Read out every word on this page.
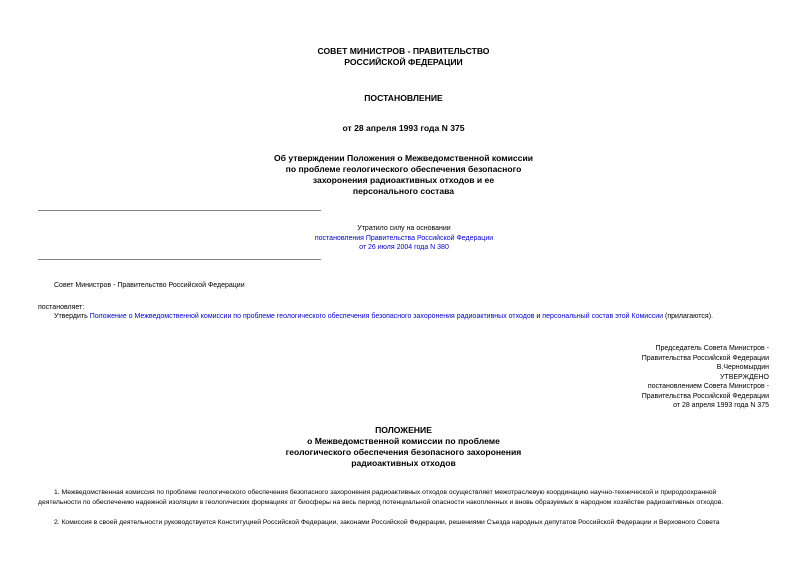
СОВЕТ МИНИСТРОВ - ПРАВИТЕЛЬСТВО
РОССИЙСКОЙ ФЕДЕРАЦИИ
ПОСТАНОВЛЕНИЕ
от 28 апреля 1993 года N 375
Об утверждении Положения о Межведомственной комиссии
по проблеме геологического обеспечения безопасного
захоронения радиоактивных отходов и ее
персонального состава
Утратило силу на основании
постановления Правительства Российской Федерации
от 26 июля 2004 года N 380
Совет Министров - Правительство Российской Федерации
постановляет:
Утвердить Положение о Межведомственной комиссии по проблеме геологического обеспечения безопасного захоронения радиоактивных отходов и персональный состав этой Комиссии (прилагаются).
Председатель Совета Министров -
Правительства Российской Федерации
В.Черномырдин
УТВЕРЖДЕНО
постановлением Совета Министров -
Правительства Российской Федерации
от 28 апреля 1993 года N 375
ПОЛОЖЕНИЕ
о Межведомственной комиссии по проблеме
геологического обеспечения безопасного захоронения
радиоактивных отходов
1. Межведомственная комиссия по проблеме геологического обеспечения безопасного захоронения радиоактивных отходов осуществляет межотраслевую координацию научно-технической и природоохранной
деятельности по обеспечению надежной изоляции в геологических формациях от биосферы на весь период потенциальной опасности накопленных и вновь образуемых в народном хозяйстве радиоактивных отходов.
2. Комиссия в своей деятельности руководствуется Конституцией Российской Федерации, законами Российской Федерации, решениями Съезда народных депутатов Российской Федерации и Верховного Совета
